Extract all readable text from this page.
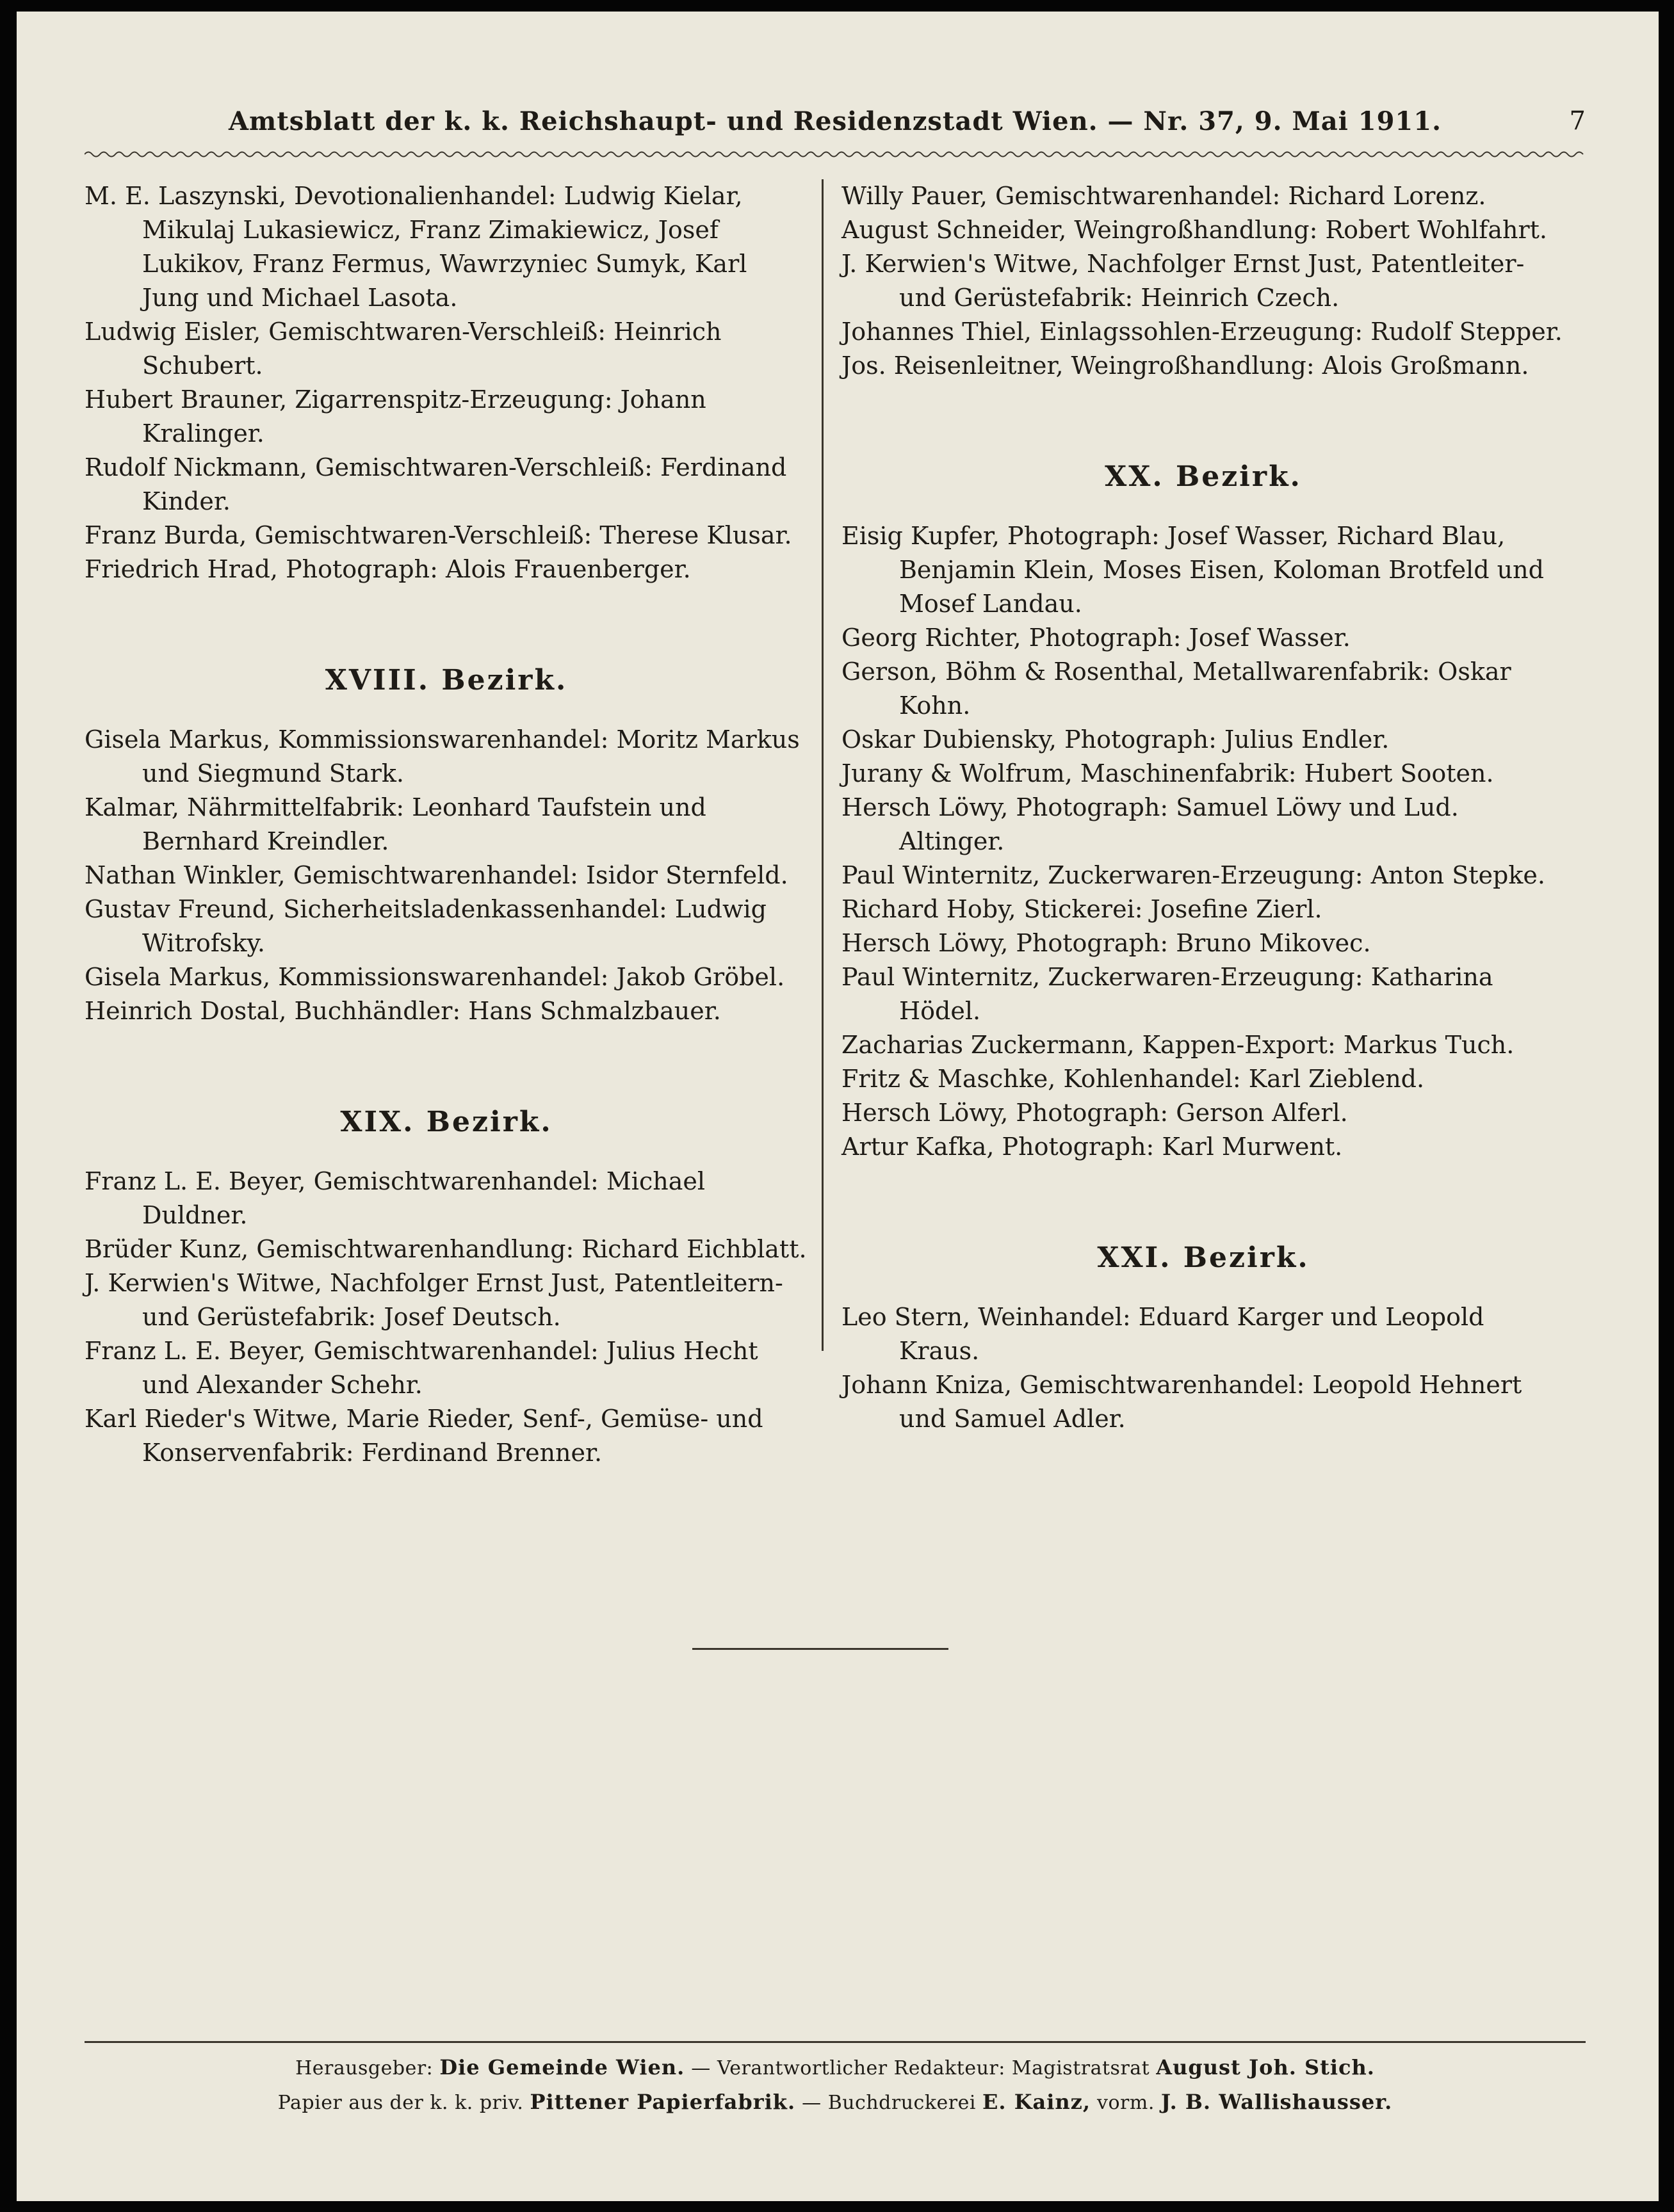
Amtsblatt der k. k. Reichshaupt- und Residenzstadt Wien. — Nr. 37, 9. Mai 1911.	7

M. E. Laszynski, Devotionalienhandel: Ludwig Kielar, Mikulaj Lukasiewicz, Franz Zimakiewicz, Josef Lukikov, Franz Fermus, Wawrzyniec Sumyk, Karl Jung und Michael Lasota.

Ludwig Eisler, Gemischtwaren-Verschleiß: Heinrich Schubert.

Hubert Brauner, Zigarrenspitz-Erzeugung: Johann Kralinger.

Rudolf Nickmann, Gemischtwaren-Verschleiß: Ferdinand Kinder.

Franz Burda, Gemischtwaren-Verschleiß: Therese Klusar.

Friedrich Hrad, Photograph: Alois Frauenberger.

XVIII. Bezirk.

Gisela Markus, Kommissionswarenhandel: Moritz Markus und Siegmund Stark.

Kalmar, Nährmittelfabrik: Leonhard Taufstein und Bernhard Kreindler.

Nathan Winkler, Gemischtwarenhandel: Isidor Sternfeld.

Gustav Freund, Sicherheitsladenkassenhandel: Ludwig Witrofsky.

Gisela Markus, Kommissionswarenhandel: Jakob Gröbel.

Heinrich Dostal, Buchhändler: Hans Schmalzbauer.

XIX. Bezirk.

Franz L. E. Beyer, Gemischtwarenhandel: Michael Duldner.

Brüder Kunz, Gemischtwarenhandlung: Richard Eichblatt.

J. Kerwien's Witwe, Nachfolger Ernst Just, Patentleitern- und Gerüstefabrik: Josef Deutsch.

Franz L. E. Beyer, Gemischtwarenhandel: Julius Hecht und Alexander Schehr.

Karl Rieder's Witwe, Marie Rieder, Senf-, Gemüse- und Konservenfabrik: Ferdinand Brenner.

Willy Pauer, Gemischtwarenhandel: Richard Lorenz.

August Schneider, Weingroßhandlung: Robert Wohlfahrt.

J. Kerwien's Witwe, Nachfolger Ernst Just, Patentleiter- und Gerüstefabrik: Heinrich Czech.

Johannes Thiel, Einlagssohlen-Erzeugung: Rudolf Stepper.

Jos. Reisenleitner, Weingroßhandlung: Alois Großmann.

XX. Bezirk.

Eisig Kupfer, Photograph: Josef Wasser, Richard Blau, Benjamin Klein, Moses Eisen, Koloman Brotfeld und Mosef Landau.

Georg Richter, Photograph: Josef Wasser.

Gerson, Böhm & Rosenthal, Metallwarenfabrik: Oskar Kohn.

Oskar Dubiensky, Photograph: Julius Endler.

Jurany & Wolfrum, Maschinenfabrik: Hubert Sooten.

Hersch Löwy, Photograph: Samuel Löwy und Lud. Altinger.

Paul Winternitz, Zuckerwaren-Erzeugung: Anton Stepke.

Richard Hoby, Stickerei: Josefine Zierl.

Hersch Löwy, Photograph: Bruno Mikovec.

Paul Winternitz, Zuckerwaren-Erzeugung: Katharina Hödel.

Zacharias Zuckermann, Kappen-Export: Markus Tuch.

Fritz & Maschke, Kohlenhandel: Karl Zieblend.

Hersch Löwy, Photograph: Gerson Alferl.

Artur Kafka, Photograph: Karl Murwent.

XXI. Bezirk.

Leo Stern, Weinhandel: Eduard Karger und Leopold Kraus.

Johann Kniza, Gemischtwarenhandel: Leopold Hehnert und Samuel Adler.

Herausgeber: Die Gemeinde Wien. — Verantwortlicher Redakteur: Magistratsrat August Joh. Stich.
Papier aus der k. k. priv. Pittener Papierfabrik. — Buchdruckerei E. Kainz, vorm. J. B. Wallishausser.
